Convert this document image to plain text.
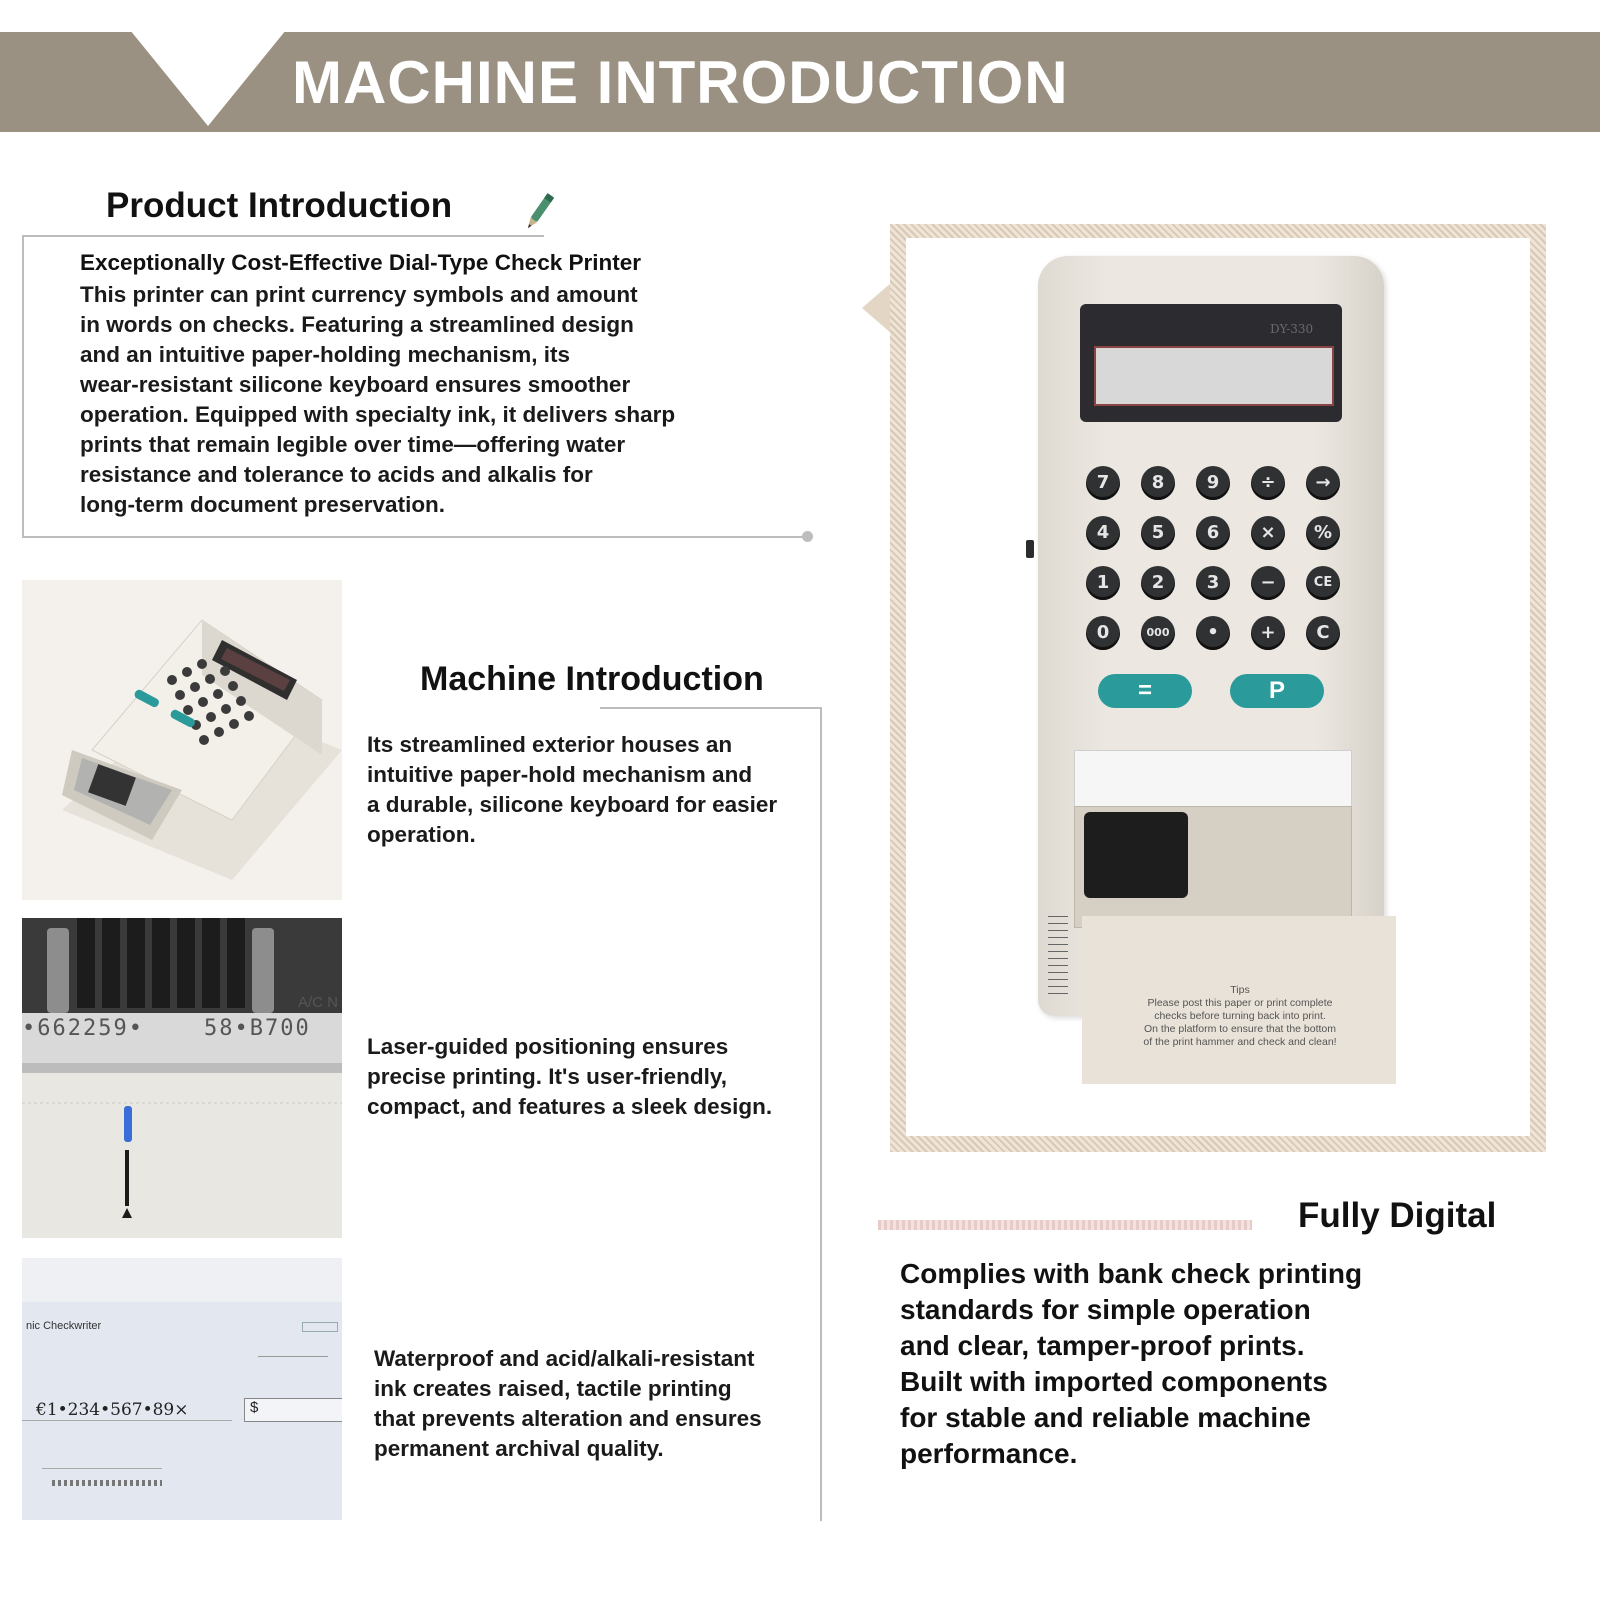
MACHINE INTRODUCTION
Product Introduction
Exceptionally Cost-Effective Dial-Type Check Printer
This printer can print currency symbols and amount
in words on checks. Featuring a streamlined design
and an intuitive paper-holding mechanism, its
wear-resistant silicone keyboard ensures smoother
operation. Equipped with specialty ink, it delivers sharp
prints that remain legible over time—offering water
resistance and tolerance to acids and alkalis for
long-term document preservation.
Machine Introduction
Its streamlined exterior houses an
intuitive paper-hold mechanism and
a durable, silicone keyboard for easier
operation.
Laser-guided positioning ensures
precise printing. It's user-friendly,
compact, and features a sleek design.
Waterproof and acid/alkali-resistant
ink creates raised, tactile printing
that prevents alteration and ensures
permanent archival quality.
A/C N
•662259•	58•B700
nic Checkwriter
€1•234•567•89×	$
DY-330
7	8	9	÷	→
4	5	6	×	%
1	2	3	−	CE
0	000	•	+	C
=	P
Tips
Please post this paper or print complete
checks before turning back into print.
On the platform to ensure that the bottom
of the print hammer and check and clean!
Fully Digital
Complies with bank check printing
standards for simple operation
and clear, tamper-proof prints.
Built with imported components
for stable and reliable machine
performance.
